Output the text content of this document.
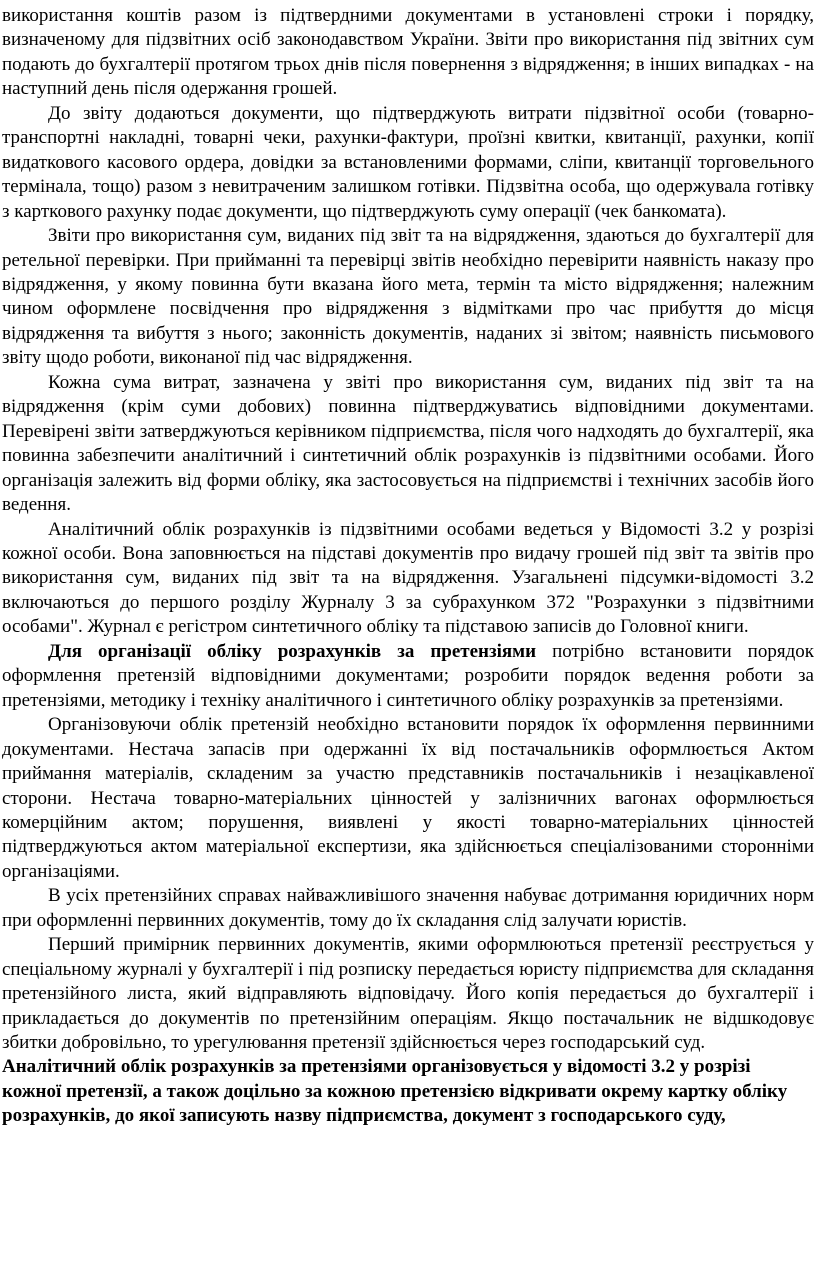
використання коштів разом із підтвердними документами в установлені строки і порядку, визначеному для підзвітних осіб законодавством України. Звіти про використання під звітних сум подають до бухгалтерії протягом трьох днів після повернення з відрядження; в інших випадках - на наступний день після одержання грошей.

До звіту додаються документи, що підтверджують витрати підзвітної особи (товарно-транспортні накладні, товарні чеки, рахунки-фактури, проїзні квитки, квитанції, рахунки, копії видаткового касового ордера, довідки за встановленими формами, сліпи, квитанції торговельного термінала, тощо) разом з невитраченим залишком готівки. Підзвітна особа, що одержувала готівку з карткового рахунку подає документи, що підтверджують суму операції (чек банкомата).

Звіти про використання сум, виданих під звіт та на відрядження, здаються до бухгалтерії для ретельної перевірки. При прийманні та перевірці звітів необхідно перевірити наявність наказу про відрядження, у якому повинна бути вказана його мета, термін та місто відрядження; належним чином оформлене посвідчення про відрядження з відмітками про час прибуття до місця відрядження та вибуття з нього; законність документів, наданих зі звітом; наявність письмового звіту щодо роботи, виконаної під час відрядження.

Кожна сума витрат, зазначена у звіті про використання сум, виданих під звіт та на відрядження (крім суми добових) повинна підтверджуватись відповідними документами. Перевірені звіти затверджуються керівником підприємства, після чого надходять до бухгалтерії, яка повинна забезпечити аналітичний і синтетичний облік розрахунків із підзвітними особами. Його організація залежить від форми обліку, яка застосовується на підприємстві і технічних засобів його ведення.

Аналітичний облік розрахунків із підзвітними особами ведеться у Відомості 3.2 у розрізі кожної особи. Вона заповнюється на підставі документів про видачу грошей під звіт та звітів про використання сум, виданих під звіт та на відрядження. Узагальнені підсумки-відомості 3.2 включаються до першого розділу Журналу 3 за субрахунком 372 "Розрахунки з підзвітними особами". Журнал є регістром синтетичного обліку та підставою записів до Головної книги.

Для організації обліку розрахунків за претензіями потрібно встановити порядок оформлення претензій відповідними документами; розробити порядок ведення роботи за претензіями, методику і техніку аналітичного і синтетичного обліку розрахунків за претензіями.

Організовуючи облік претензій необхідно встановити порядок їх оформлення первинними документами. Нестача запасів при одержанні їх від постачальників оформлюється Актом приймання матеріалів, складеним за участю представників постачальників і незацікавленої сторони. Нестача товарно-матеріальних цінностей у залізничних вагонах оформлюється комерційним актом; порушення, виявлені у якості товарно-матеріальних цінностей підтверджуються актом матеріальної експертизи, яка здійснюється спеціалізованими сторонніми організаціями.

В усіх претензійних справах найважливішого значення набуває дотримання юридичних норм при оформленні первинних документів, тому до їх складання слід залучати юристів.

Перший примірник первинних документів, якими оформлюються претензії реєструється у спеціальному журналі у бухгалтерії і під розписку передається юристу підприємства для складання претензійного листа, який відправляють відповідачу. Його копія передається до бухгалтерії і прикладається до документів по претензійним операціям. Якщо постачальник не відшкодовує збитки добровільно, то урегулювання претензії здійснюється через господарський суд.

Аналітичний облік розрахунків за претензіями організовується у відомості 3.2 у розрізі кожної претензії, а також доцільно за кожною претензією відкривати окрему картку обліку розрахунків, до якої записують назву підприємства, документ з господарського суду,
